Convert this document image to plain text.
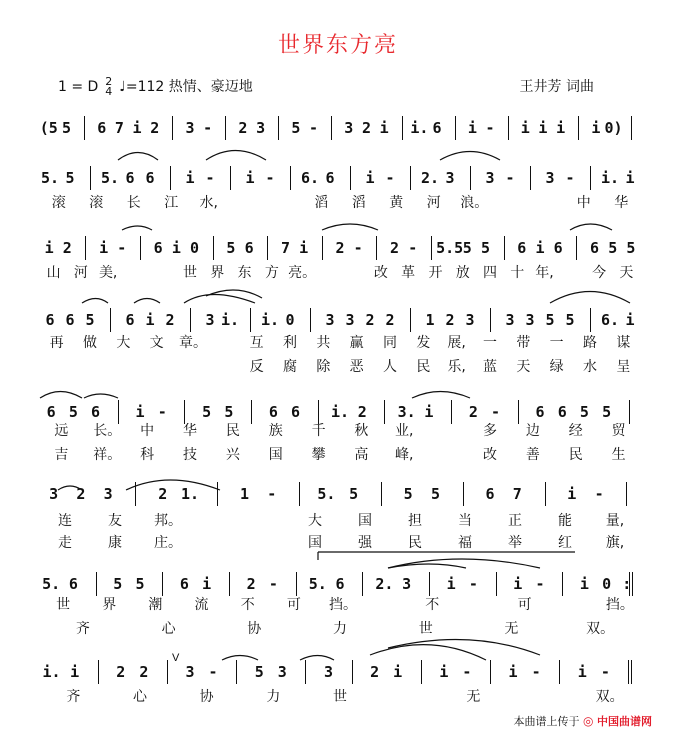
世界东方亮
1 = D 2
4 ♩=112 热情、豪迈地	王井芳 词曲
(5 5	6 7 i 2	3 -	2 3	5 -	3 2 i	i. 6	i -	i i i	i 0)
5. 5	5. 6 6	i -	i -	6. 6	i -	2. 3	3 -	3 -	i. i
滚 滚 长 江 水,	滔 滔 黄 河 浪。	中 华
i 2	i -	6 i 0	5 6	7 i	2 -	2 -	5.5 5 5	6 i 6	6 5 5
山 河 美,	世 界 东 方 亮。	改 革 开 放 四 十 年,	今 天
6 6 5	6 i 2	3 i. i. 0	3 3 2 2	1 2 3	3 3 5 5	6. i
再 做 大 文 章。	互 利 共 赢 同 发 展, 一 带 一 路 谋
反 腐 除 恶 人 民 乐, 蓝 天 绿 水 呈
6 5 6	i -	5 5	6 6	i. 2	3. i	2 -	6 6 5 5
远 长。 中 华 民 族 千 秋 业,	多 边 经 贸
吉 祥。 科 技 兴 国 攀 高 峰,	改 善 民 生
3	2	3	2 1.	1	-	5. 5	5	5	6	7	i	-
连	友 邦。	大	国	担	当	正	能 量,
走	康 庄。	国	强	民	福	举	红 旗,
5. 6	5 5	6 i	2 -	5. 6	2. 3	i -	i -	i 0 :
世 界 潮 流 不 可 挡。	不	可	挡。
齐	心	协	力	世	无	双。
i. i	2 2	3 -	5 3	3	2 i	i -	i -	i -
齐	心	协	力	世	无	双。
V
本曲谱上传于 ◎ 中国曲谱网
